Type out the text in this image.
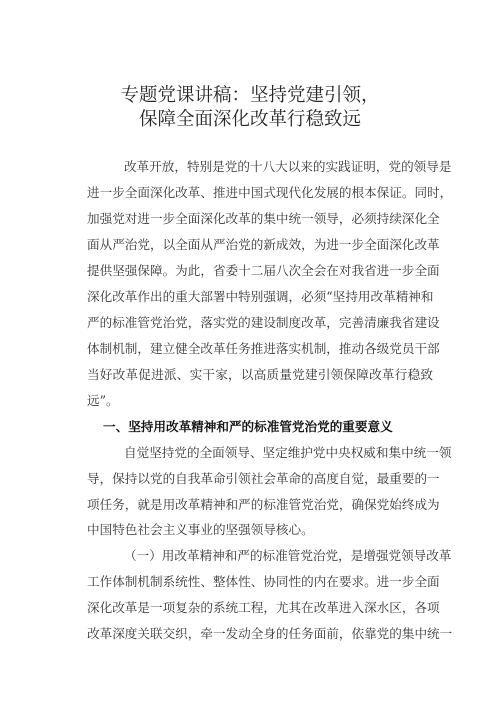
专题党课讲稿：坚持党建引领，
保障全面深化改革行稳致远
改革开放，特别是党的十八大以来的实践证明，党的领导是
进一步全面深化改革、推进中国式现代化发展的根本保证。同时，
加强党对进一步全面深化改革的集中统一领导，必须持续深化全
面从严治党，以全面从严治党的新成效，为进一步全面深化改革
提供坚强保障。为此，省委十二届八次全会在对我省进一步全面
深化改革作出的重大部署中特别强调，必须“坚持用改革精神和
严的标准管党治党，落实党的建设制度改革，完善清廉我省建设
体制机制，建立健全改革任务推进落实机制，推动各级党员干部
当好改革促进派、实干家，以高质量党建引领保障改革行稳致
远”。
一、坚持用改革精神和严的标准管党治党的重要意义
自觉坚持党的全面领导、坚定维护党中央权威和集中统一领
导，保持以党的自我革命引领社会革命的高度自觉，最重要的一
项任务，就是用改革精神和严的标准管党治党，确保党始终成为
中国特色社会主义事业的坚强领导核心。
（一）用改革精神和严的标准管党治党，是增强党领导改革
工作体制机制系统性、整体性、协同性的内在要求。进一步全面
深化改革是一项复杂的系统工程，尤其在改革进入深水区，各项
改革深度关联交织，牵一发动全身的任务面前，依靠党的集中统一
